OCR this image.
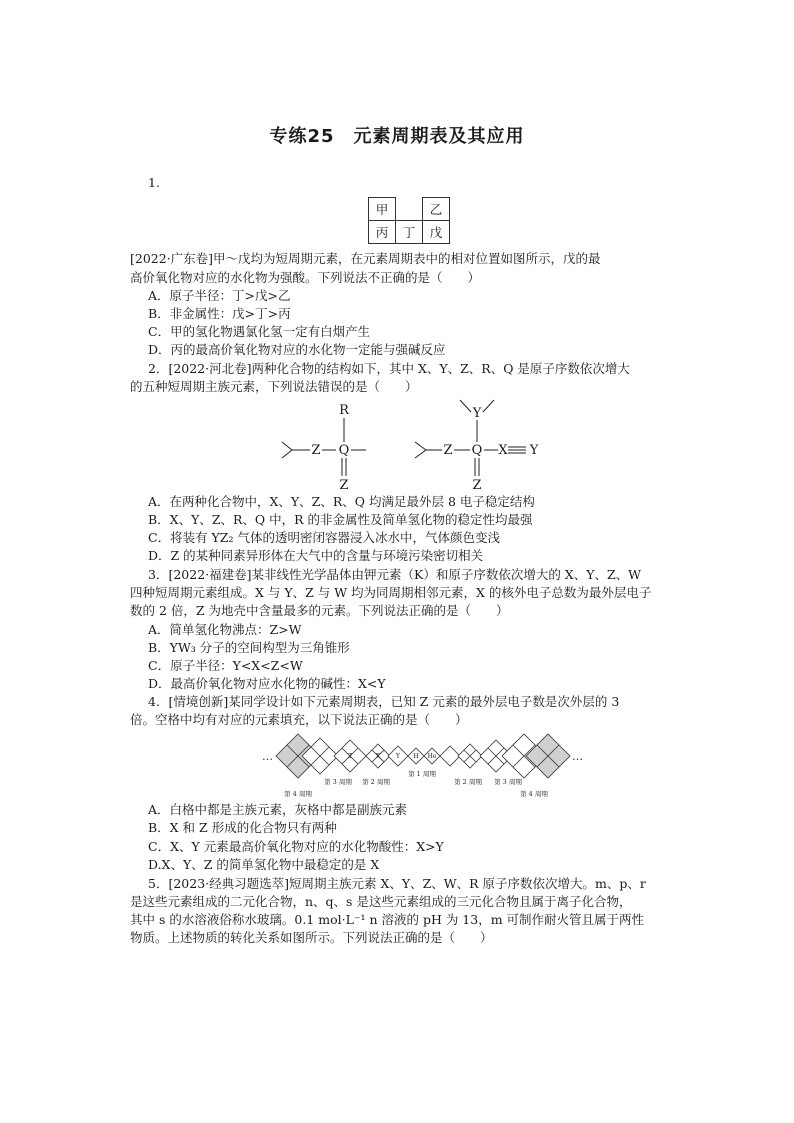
专练25　元素周期表及其应用
1.
甲		乙
丙	丁	戊
[2022·广东卷]甲～戊均为短周期元素，在元素周期表中的相对位置如图所示，戊的最
高价氧化物对应的水化物为强酸。下列说法不正确的是（　　）
A．原子半径：丁>戊>乙
B．非金属性：戊>丁>丙
C．甲的氢化物遇氯化氢一定有白烟产生
D．丙的最高价氧化物对应的水化物一定能与强碱反应
2．[2022·河北卷]两种化合物的结构如下，其中 X、Y、Z、R、Q 是原子序数依次增大
的五种短周期主族元素，下列说法错误的是（　　）
R
Z Q
Z
Y
Z Q X Y
Z
A．在两种化合物中，X、Y、Z、R、Q 均满足最外层 8 电子稳定结构
B．X、Y、Z、R、Q 中，R 的非金属性及简单氢化物的稳定性均最强
C．将装有 YZ₂ 气体的透明密闭容器浸入冰水中，气体颜色变浅
D．Z 的某种同素异形体在大气中的含量与环境污染密切相关
3．[2022·福建卷]某非线性光学晶体由钾元素（K）和原子序数依次增大的 X、Y、Z、W
四种短周期元素组成。X 与 Y、Z 与 W 均为同周期相邻元素，X 的核外电子总数为最外层电子
数的 2 倍，Z 为地壳中含量最多的元素。下列说法正确的是（　　）
A．简单氢化物沸点：Z>W
B．YW₃ 分子的空间构型为三角锥形
C．原子半径：Y<X<Z<W
D．最高价氧化物对应水化物的碱性：X<Y
4．[情境创新]某同学设计如下元素周期表，已知 Z 元素的最外层电子数是次外层的 3
倍。空格中均有对应的元素填充，以下说法正确的是（　　）
Z	X	Y H He
…	…
第 3 周期 第 2 周期
第 1 周期
第 2 周期 第 3 周期
第 4 周期	第 4 周期
A．白格中都是主族元素，灰格中都是副族元素
B．X 和 Z 形成的化合物只有两种
C．X、Y 元素最高价氧化物对应的水化物酸性：X>Y
D.X、Y、Z 的简单氢化物中最稳定的是 X
5．[2023·经典习题选萃]短周期主族元素 X、Y、Z、W、R 原子序数依次增大。m、p、r
是这些元素组成的二元化合物，n、q、s 是这些元素组成的三元化合物且属于离子化合物，
其中 s 的水溶液俗称水玻璃。0.1 mol·L⁻¹ n 溶液的 pH 为 13，m 可制作耐火管且属于两性
物质。上述物质的转化关系如图所示。下列说法正确的是（　　）
